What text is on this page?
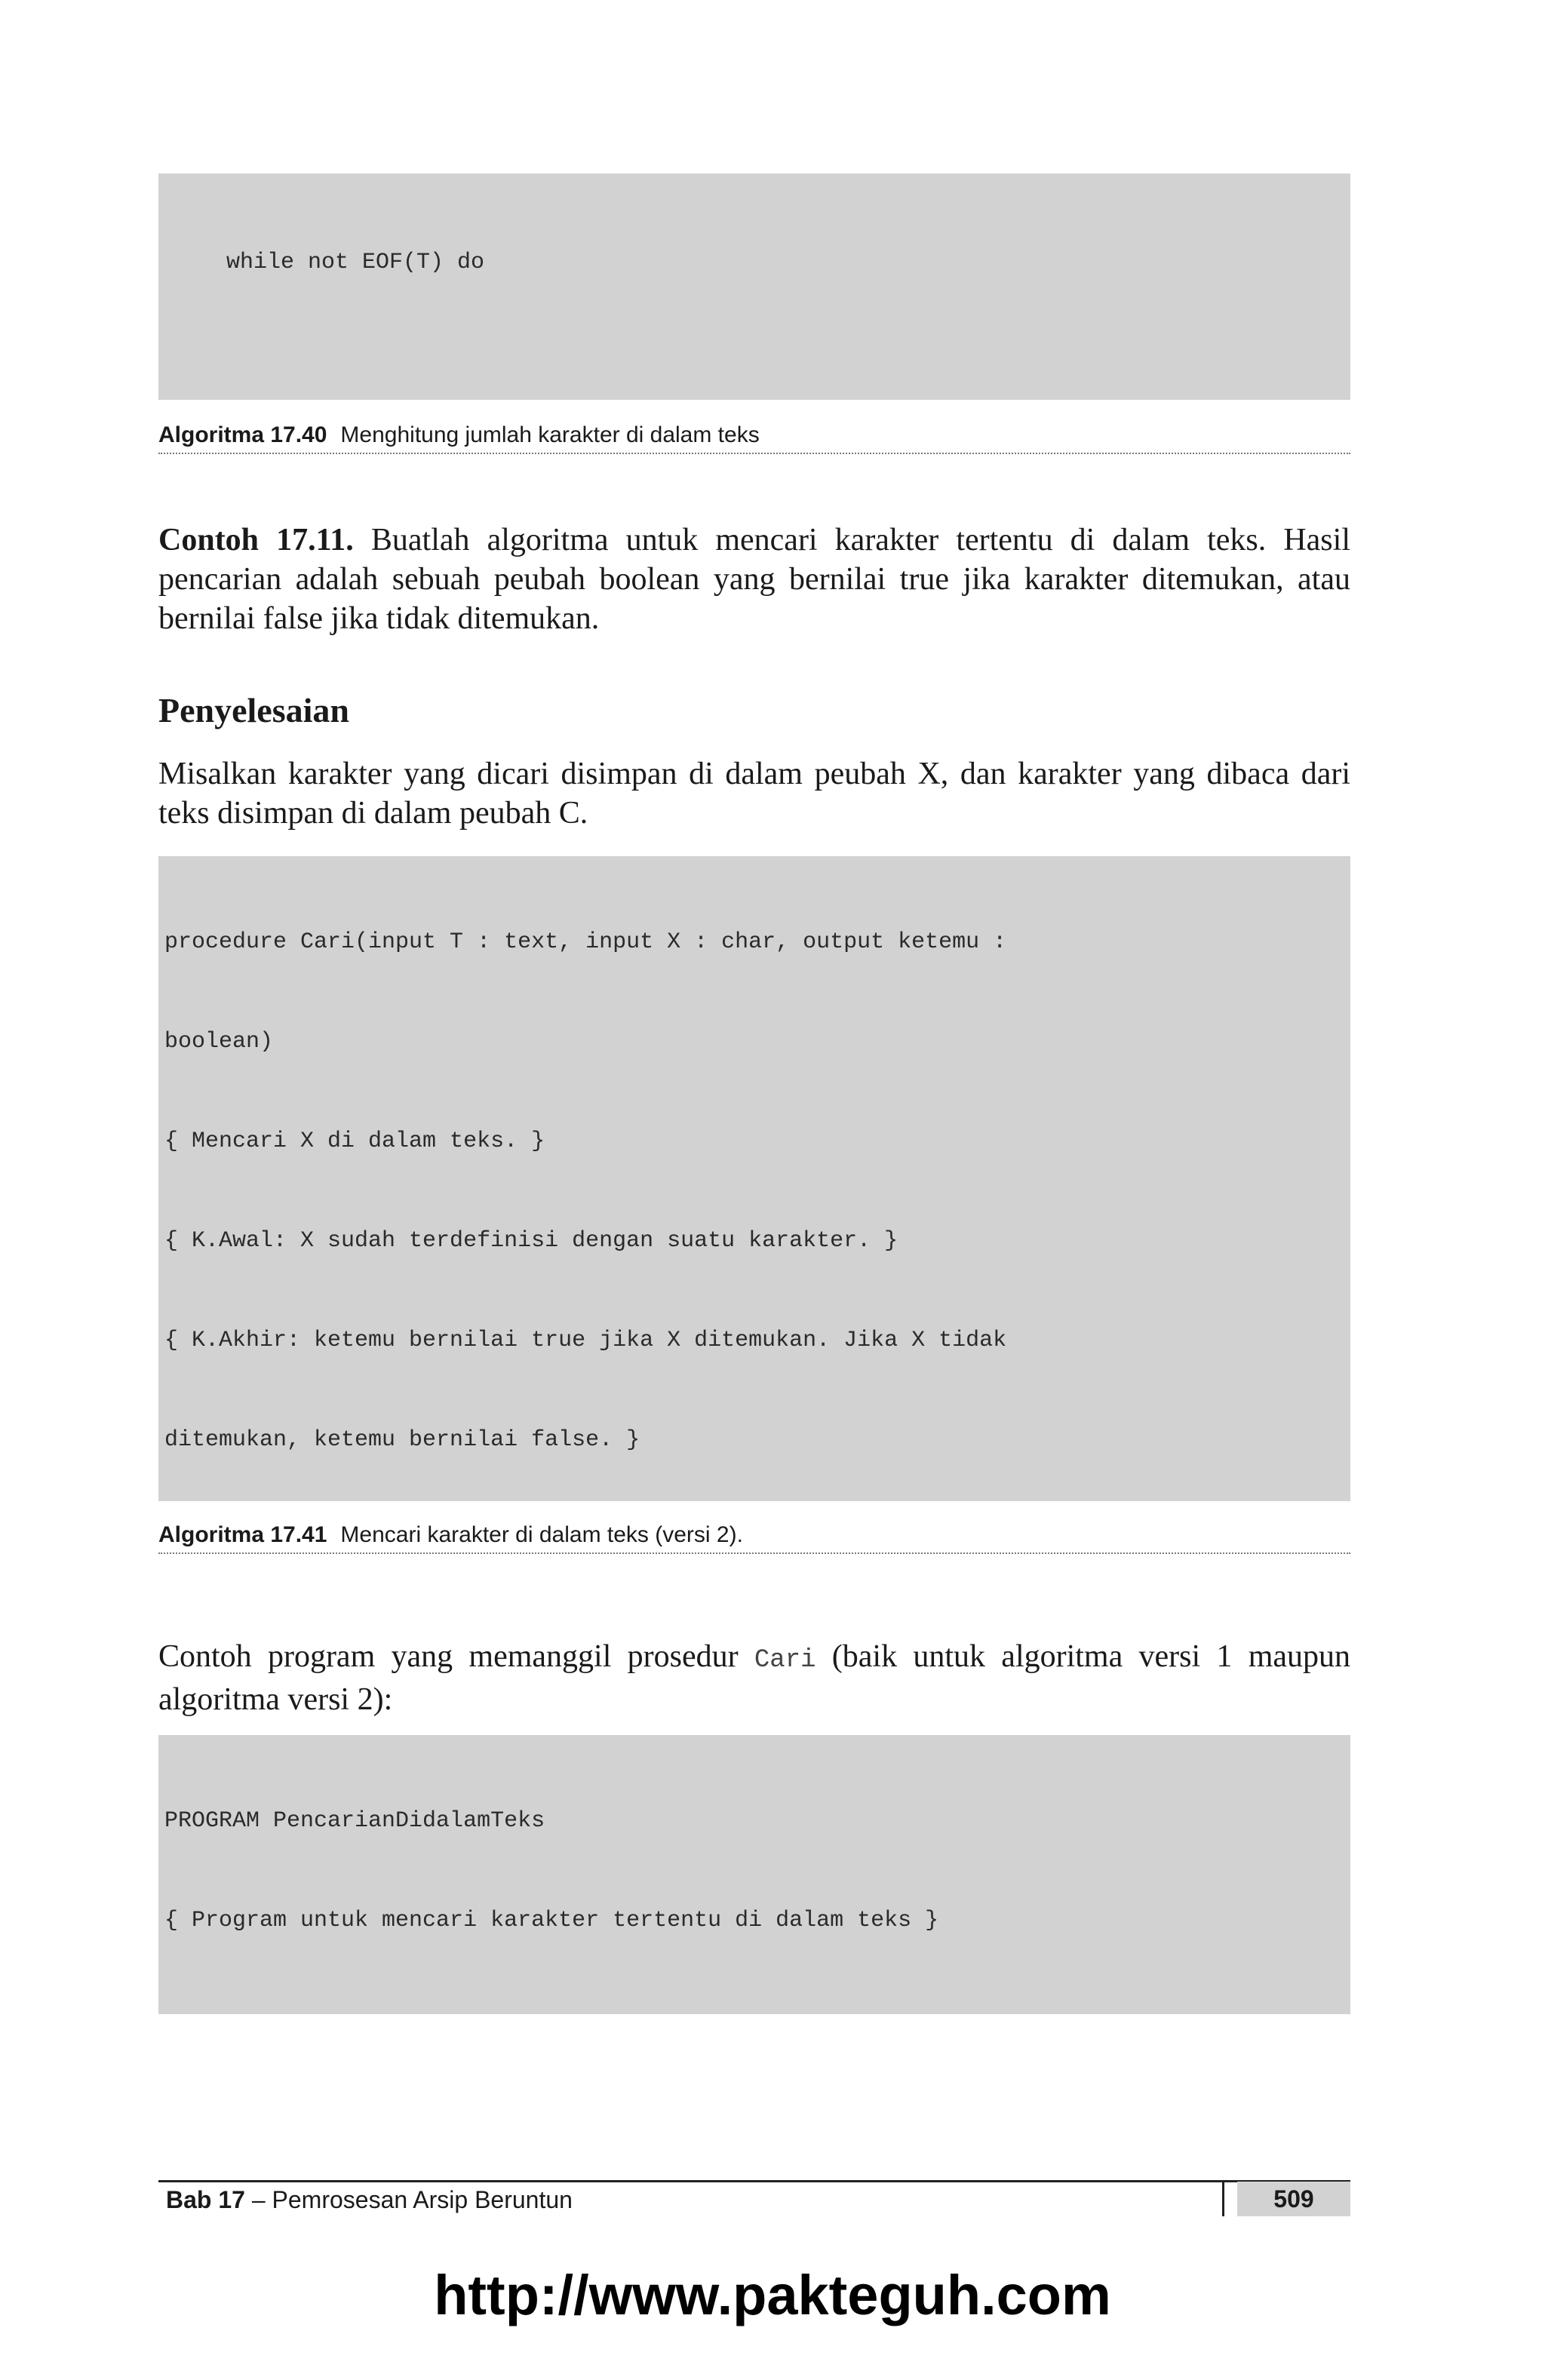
while not EOF(T) do

Algoritma 17.40 Menghitung jumlah karakter di dalam teks
Contoh 17.11. Buatlah algoritma untuk mencari karakter tertentu di dalam teks. Hasil pencarian adalah sebuah peubah boolean yang bernilai true jika karakter ditemukan, atau bernilai false jika tidak ditemukan.
Penyelesaian
Misalkan karakter yang dicari disimpan di dalam peubah X, dan karakter yang dibaca dari teks disimpan di dalam peubah C.

procedure Cari(input T : text, input X : char, output ketemu :

boolean)

{ Mencari X di dalam teks. }

{ K.Awal: X sudah terdefinisi dengan suatu karakter. }

{ K.Akhir: ketemu bernilai true jika X ditemukan. Jika X tidak

ditemukan, ketemu bernilai false. }

Algoritma 17.41 Mencari karakter di dalam teks (versi 2).
Contoh program yang memanggil prosedur Cari (baik untuk algoritma versi 1 maupun algoritma versi 2):

PROGRAM PencarianDidalamTeks

{ Program untuk mencari karakter tertentu di dalam teks }

Bab 17 – Pemrosesan Arsip Beruntun	509
http://www.pakteguh.com
